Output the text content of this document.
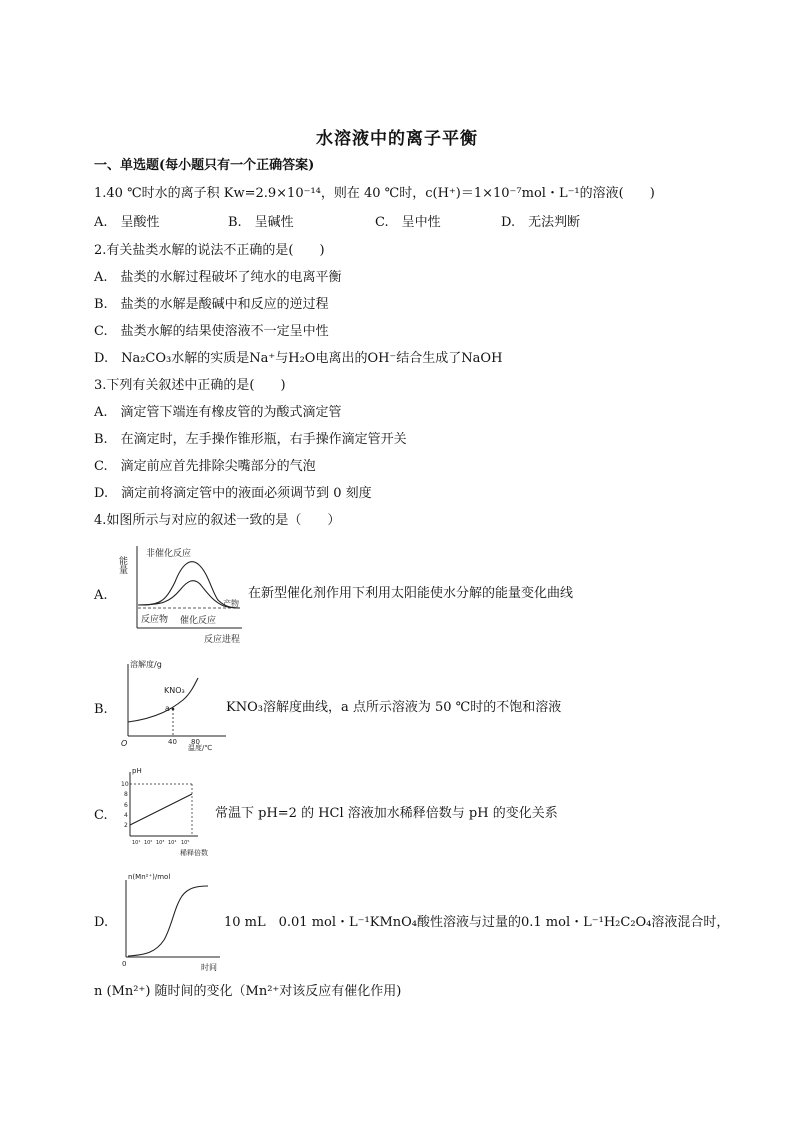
水溶液中的离子平衡
一、单选题(每小题只有一个正确答案)
1.40 ℃时水的离子积 Kw=2.9×10⁻¹⁴，则在 40 ℃时，c(H⁺)＝1×10⁻⁷mol・L⁻¹的溶液(　　)
A.　呈酸性	B.　呈碱性	C.　呈中性	D.　无法判断
2.有关盐类水解的说法不正确的是(　　)
A.　盐类的水解过程破坏了纯水的电离平衡
B.　盐类的水解是酸碱中和反应的逆过程
C.　盐类水解的结果使溶液不一定呈中性
D.　Na₂CO₃水解的实质是Na⁺与H₂O电离出的OH⁻结合生成了NaOH
3.下列有关叙述中正确的是(　　)
A.　滴定管下端连有橡皮管的为酸式滴定管
B.　在滴定时，左手操作锥形瓶，右手操作滴定管开关
C.　滴定前应首先排除尖嘴部分的气泡
D.　滴定前将滴定管中的液面必须调节到 0 刻度
4.如图所示与对应的叙述一致的是（　　）
A.
能量
非催化反应
产物
反应物 催化反应
反应进程
在新型催化剂作用下利用太阳能使水分解的能量变化曲线
B.
溶解度/g
KNO₃
a
O	40 80
温度/℃
KNO₃溶解度曲线，a 点所示溶液为 50 ℃时的不饱和溶液
C.
pH
10
8
6
4
2
10¹ 10² 10³ 10⁴ 10⁵
稀释倍数
常温下 pH=2 的 HCl 溶液加水稀释倍数与 pH 的变化关系
D.
n(Mn²⁺)/mol
0	时间
10 mL　0.01 mol・L⁻¹KMnO₄酸性溶液与过量的0.1 mol・L⁻¹H₂C₂O₄溶液混合时，
n (Mn²⁺) 随时间的变化（Mn²⁺对该反应有催化作用)
